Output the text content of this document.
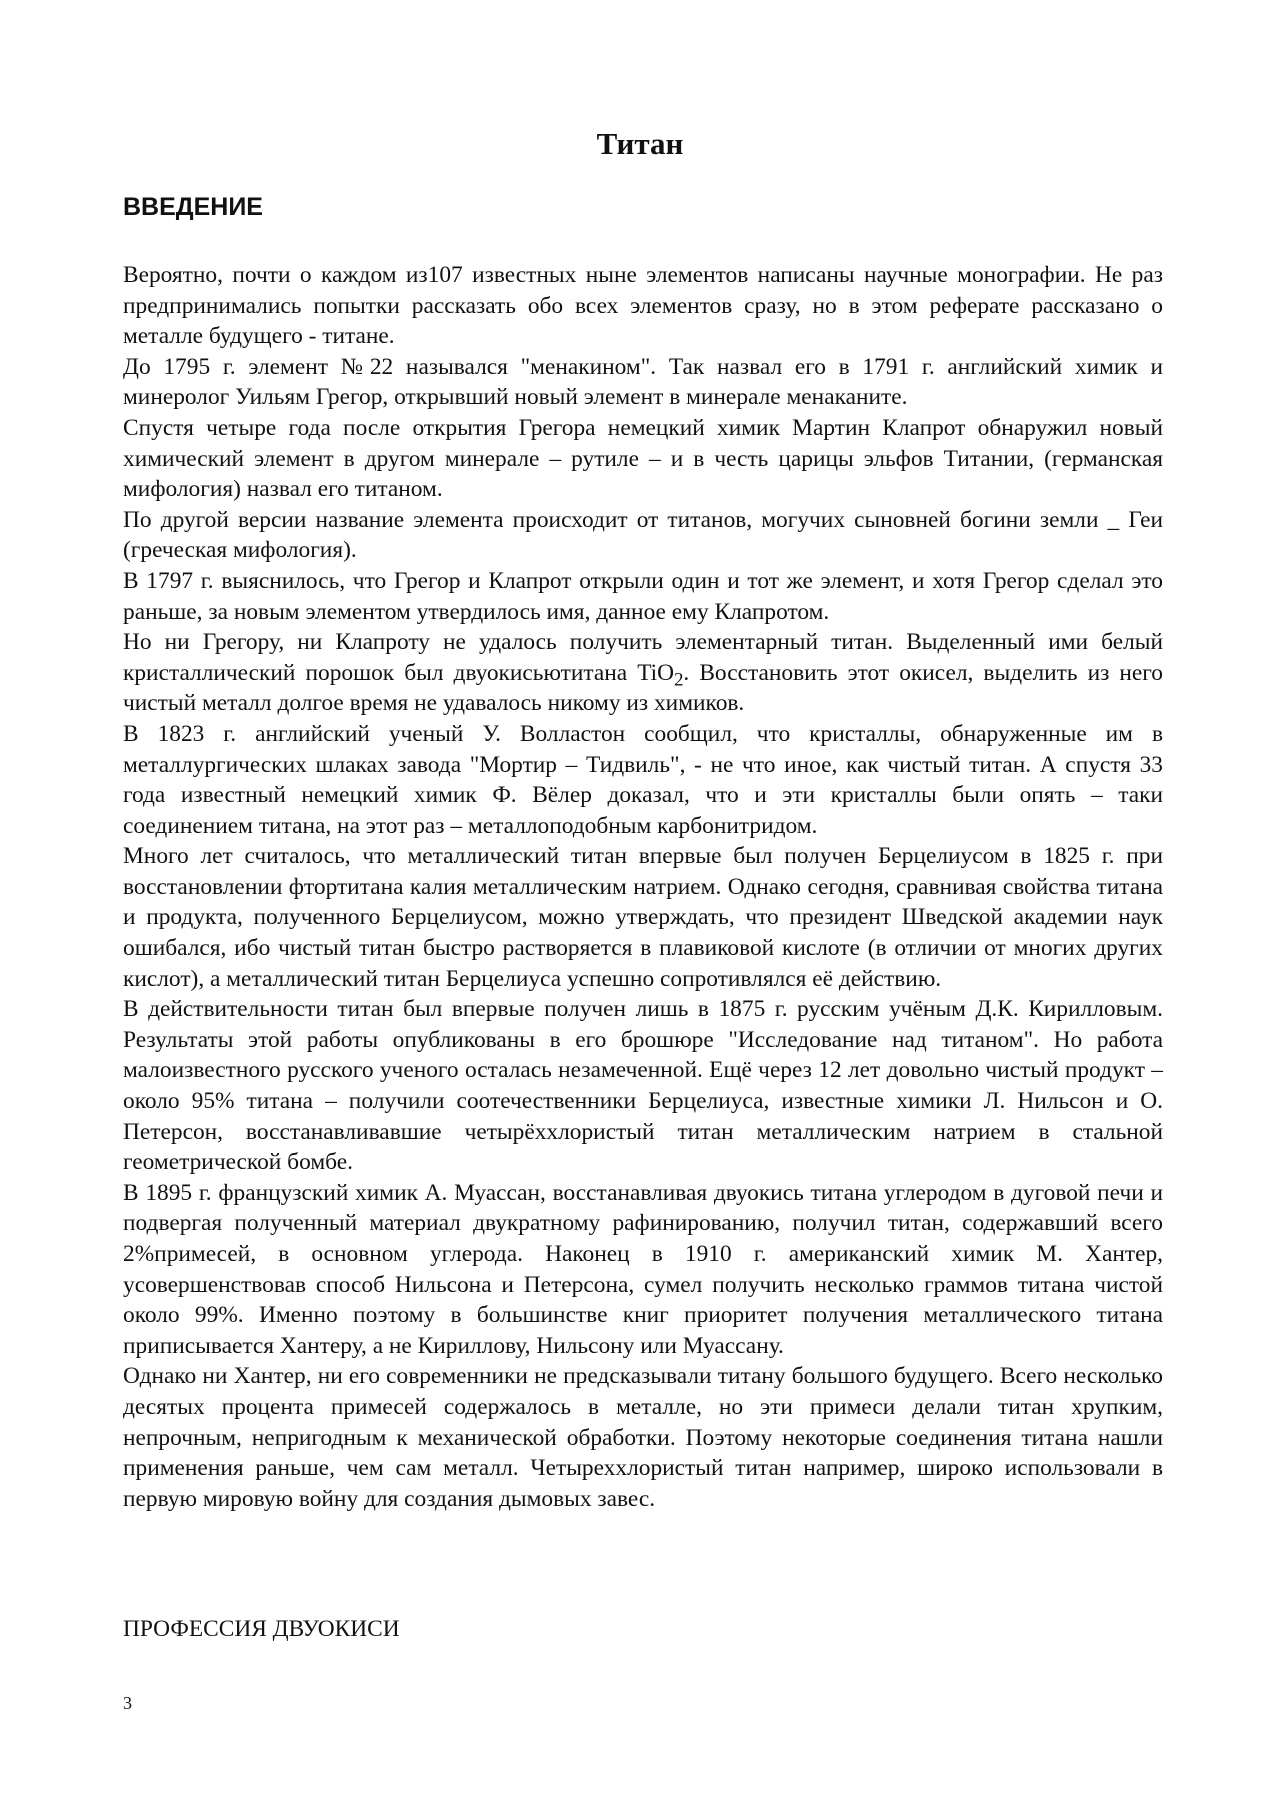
Титан
ВВЕДЕНИЕ

Вероятно, почти о каждом из107 известных ныне элементов написаны научные монографии. Не раз предпринимались попытки рассказать обо всех элементов сразу, но в этом реферате рассказано о металле будущего - титане.

До 1795 г. элемент №22 назывался "менакином". Так назвал его в 1791 г. английский химик и минеролог Уильям Грегор, открывший новый элемент в минерале менаканите.

Спустя четыре года после открытия Грегора немецкий химик Мартин Клапрот обнаружил новый химический элемент в другом минерале – рутиле – и в честь царицы эльфов Титании, (германская мифология) назвал его титаном.

По другой версии название элемента происходит от титанов, могучих сыновней богини земли _ Геи (греческая мифология).

В 1797 г. выяснилось, что Грегор и Клапрот открыли один и тот же элемент, и хотя Грегор сделал это раньше, за новым элементом утвердилось имя, данное ему Клапротом.

Но ни Грегору, ни Клапроту не удалось получить элементарный титан. Выделенный ими белый кристаллический порошок был двуокисьютитана TiO$_2$. Восстановить этот окисел, выделить из него чистый металл долгое время не удавалось никому из химиков.

В 1823 г. английский ученый У. Волластон сообщил, что кристаллы, обнаруженные им в металлургических шлаках завода "Мортир – Тидвиль", - не что иное, как чистый титан. А спустя 33 года известный немецкий химик Ф. Вёлер доказал, что и эти кристаллы были опять – таки соединением титана, на этот раз – металлоподобным карбонитридом.

Много лет считалось, что металлический титан впервые был получен Берцелиусом в 1825 г. при восстановлении фтортитана калия металлическим натрием. Однако сегодня, сравнивая свойства титана и продукта, полученного Берцелиусом, можно утверждать, что президент Шведской академии наук ошибался, ибо чистый титан быстро растворяется в плавиковой кислоте (в отличии от многих других кислот), а металлический титан Берцелиуса успешно сопротивлялся её действию.

В действительности титан был впервые получен лишь в 1875 г. русским учёным Д.К. Кирилловым. Результаты этой работы опубликованы в его брошюре "Исследование над титаном". Но работа малоизвестного русского ученого осталась незамеченной. Ещё через 12 лет довольно чистый продукт – около 95% титана – получили соотечественники Берцелиуса, известные химики Л. Нильсон и О. Петерсон, восстанавливавшие четырёххлористый титан металлическим натрием в стальной геометрической бомбе.

В 1895 г. французский химик А. Муассан, восстанавливая двуокись титана углеродом в дуговой печи и подвергая полученный материал двукратному рафинированию, получил титан, содержавший всего 2%примесей, в основном углерода. Наконец в 1910 г. американский химик М. Хантер, усовершенствовав способ Нильсона и Петерсона, сумел получить несколько граммов титана чистой около 99%. Именно поэтому в большинстве книг приоритет получения металлического титана приписывается Хантеру, а не Кириллову, Нильсону или Муассану.

Однако ни Хантер, ни его современники не предсказывали титану большого будущего. Всего несколько десятых процента примесей содержалось в металле, но эти примеси делали титан хрупким, непрочным, непригодным к механической обработки. Поэтому некоторые соединения титана нашли применения раньше, чем сам металл. Четыреххлористый титан например, широко использовали в первую мировую войну для создания дымовых завес.

ПРОФЕССИЯ ДВУОКИСИ

3
